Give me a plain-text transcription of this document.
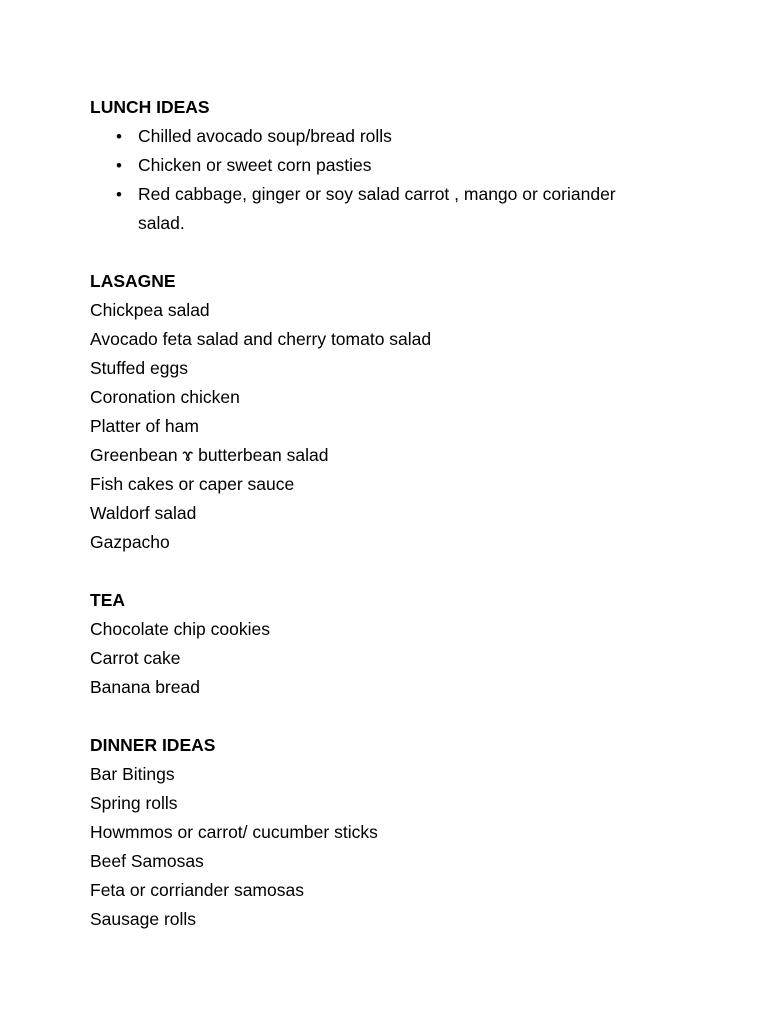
LUNCH IDEAS
• Chilled avocado soup/bread rolls
• Chicken or sweet corn pasties
• Red cabbage, ginger or soy salad carrot , mango or coriander salad.
LASAGNE
Chickpea salad
Avocado feta salad and cherry tomato salad
Stuffed eggs
Coronation chicken
Platter of ham
Greenbean ɤ butterbean salad
Fish cakes or caper sauce
Waldorf salad
Gazpacho
TEA
Chocolate chip cookies
Carrot cake
Banana bread
DINNER IDEAS
Bar Bitings
Spring rolls
Howmmos or carrot/ cucumber sticks
Beef Samosas
Feta or corriander samosas
Sausage rolls
